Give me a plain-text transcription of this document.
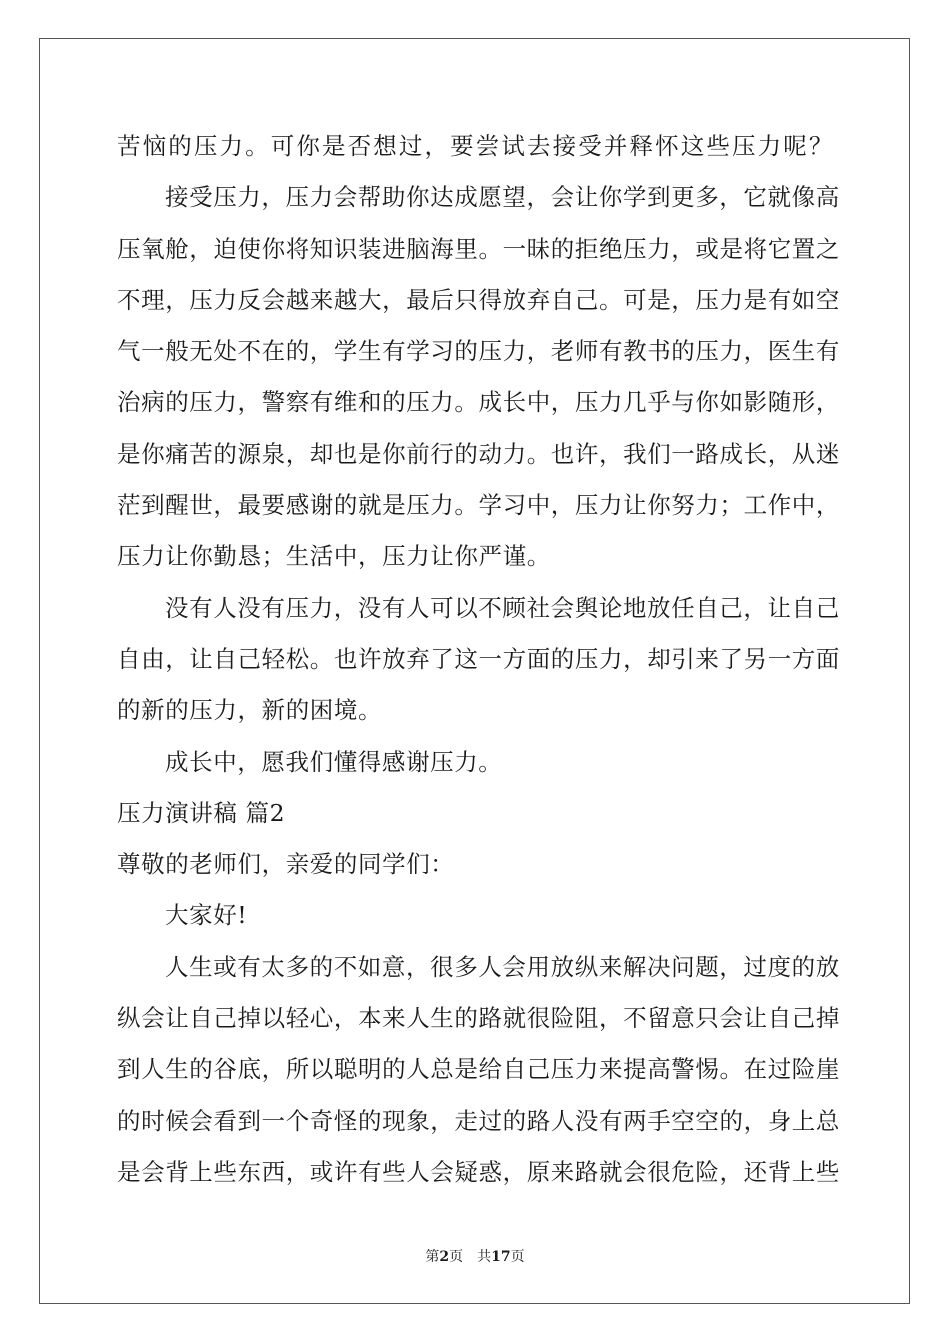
苦恼的压力。可你是否想过，要尝试去接受并释怀这些压力呢？
接受压力，压力会帮助你达成愿望，会让你学到更多，它就像高
压氧舱，迫使你将知识装进脑海里。一昧的拒绝压力，或是将它置之
不理，压力反会越来越大，最后只得放弃自己。可是，压力是有如空
气一般无处不在的，学生有学习的压力，老师有教书的压力，医生有
治病的压力，警察有维和的压力。成长中，压力几乎与你如影随形，
是你痛苦的源泉，却也是你前行的动力。也许，我们一路成长，从迷
茫到醒世，最要感谢的就是压力。学习中，压力让你努力；工作中，
压力让你勤恳；生活中，压力让你严谨。
没有人没有压力，没有人可以不顾社会舆论地放任自己，让自己
自由，让自己轻松。也许放弃了这一方面的压力，却引来了另一方面
的新的压力，新的困境。
成长中，愿我们懂得感谢压力。
压力演讲稿 篇2
尊敬的老师们，亲爱的同学们：
大家好!
人生或有太多的不如意，很多人会用放纵来解决问题，过度的放
纵会让自己掉以轻心，本来人生的路就很险阻，不留意只会让自己掉
到人生的谷底，所以聪明的人总是给自己压力来提高警惕。在过险崖
的时候会看到一个奇怪的现象，走过的路人没有两手空空的，身上总
是会背上些东西，或许有些人会疑惑，原来路就会很危险，还背上些
第2页 共17页
